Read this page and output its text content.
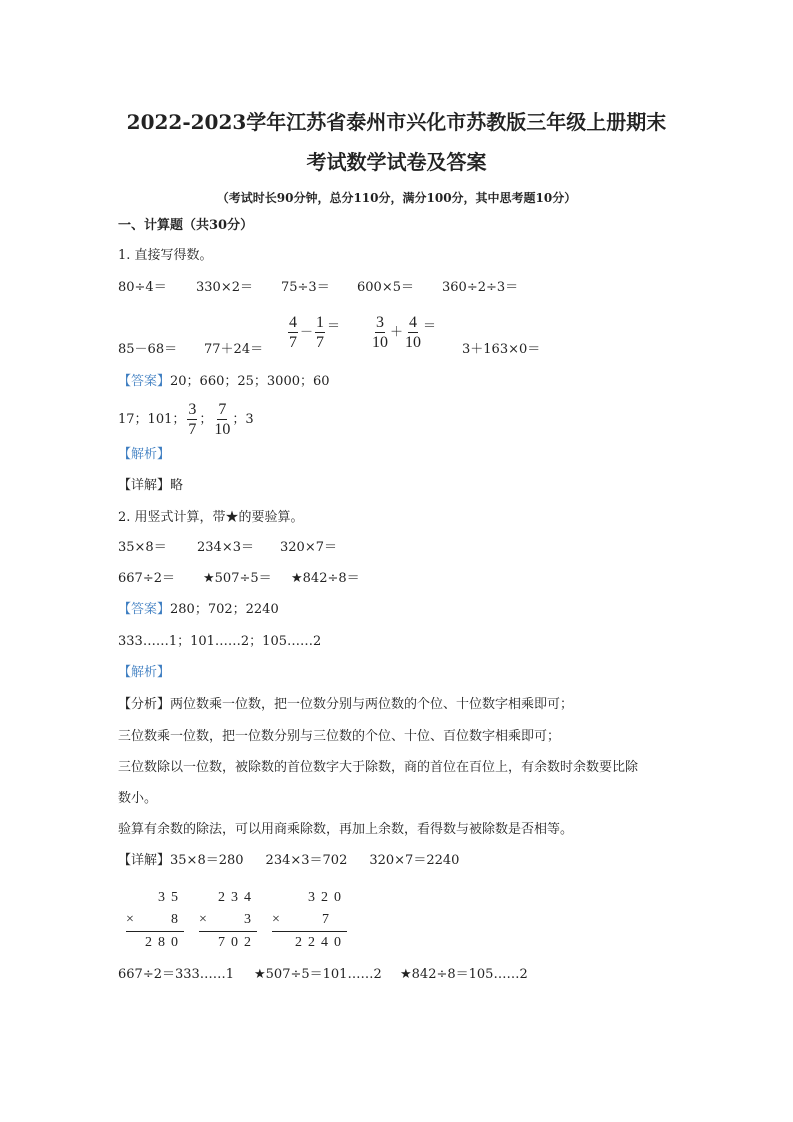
2022-2023学年江苏省泰州市兴化市苏教版三年级上册期末
考试数学试卷及答案
（考试时长90分钟，总分110分，满分100分，其中思考题10分）
一、计算题（共30分）
1. 直接写得数。
80÷4＝ 330×2＝ 75÷3＝ 600×5＝ 360÷2÷3＝
$85-68= 77+24= \frac{4}{7} - \frac{1}{7} = \frac{3}{10} + \frac{4}{10}$ ＝
3＋163×0＝
【答案】20；660；25；3000；60
17；101； $\frac{3}{7}$ ； $\frac{7}{10}$ ；3
【解析】
【详解】略
2. 用竖式计算，带★的要验算。
35×8＝ 234×3＝ 320×7＝
667÷2＝ ★507÷5＝ ★842÷8＝
【答案】280；702；2240
333……1；101……2；105……2
【解析】
【分析】两位数乘一位数，把一位数分别与两位数的个位、十位数字相乘即可；
三位数乘一位数，把一位数分别与三位数的个位、十位、百位数字相乘即可；
三位数除以一位数，被除数的首位数字大于除数，商的首位在百位上，有余数时余数要比除
数小。
验算有余数的除法，可以用商乘除数，再加上余数，看得数与被除数是否相等。
【详解】35×8＝280 234×3＝702 320×7＝2240
35
× 8
280
234
× 3
702
320
×	7
2240
667÷2＝333……1 ★507÷5＝101……2 ★842÷8＝105……2
